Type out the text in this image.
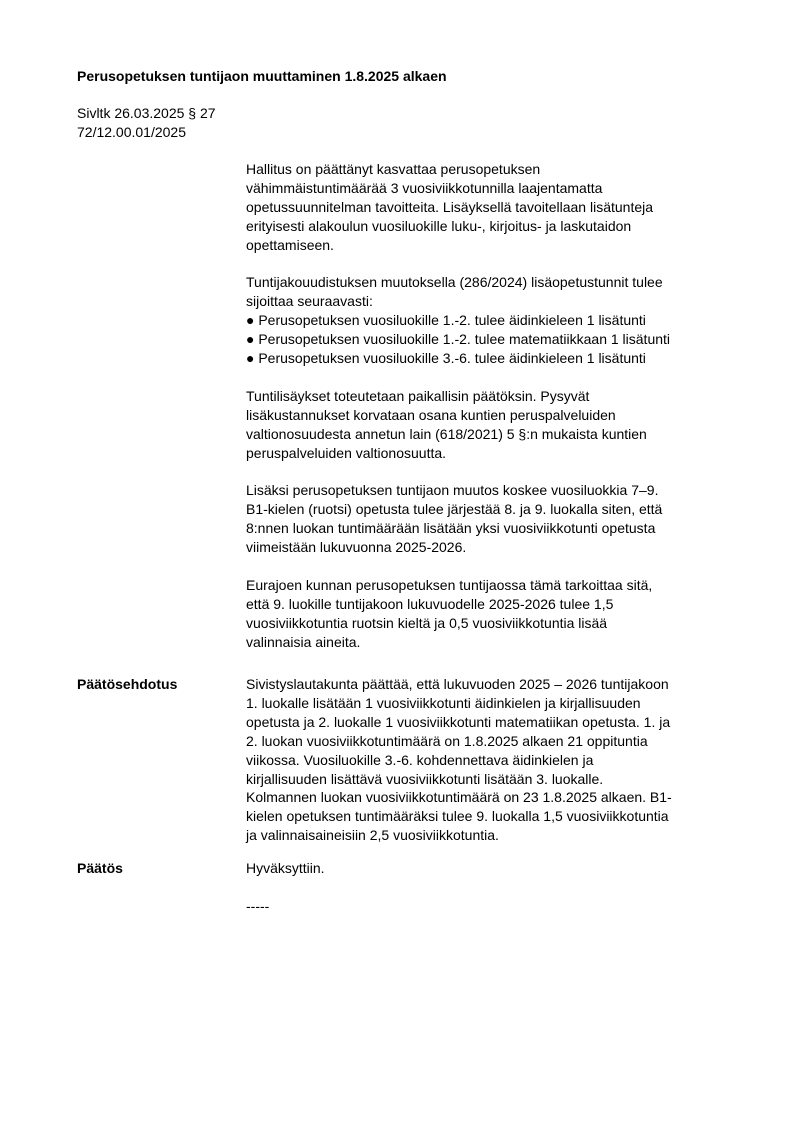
Perusopetuksen tuntijaon muuttaminen 1.8.2025 alkaen
Sivltk 26.03.2025 § 27
72/12.00.01/2025
Hallitus on päättänyt kasvattaa perusopetuksen
vähimmäistuntimäärää 3 vuosiviikkotunnilla laajentamatta
opetussuunnitelman tavoitteita. Lisäyksellä tavoitellaan lisätunteja
erityisesti alakoulun vuosiluokille luku-, kirjoitus- ja laskutaidon
opettamiseen.
Tuntijakouudistuksen muutoksella (286/2024) lisäopetustunnit tulee
sijoittaa seuraavasti:
● Perusopetuksen vuosiluokille 1.-2. tulee äidinkieleen 1 lisätunti
● Perusopetuksen vuosiluokille 1.-2. tulee matematiikkaan 1 lisätunti
● Perusopetuksen vuosiluokille 3.-6. tulee äidinkieleen 1 lisätunti
Tuntilisäykset toteutetaan paikallisin päätöksin. Pysyvät
lisäkustannukset korvataan osana kuntien peruspalveluiden
valtionosuudesta annetun lain (618/2021) 5 §:n mukaista kuntien
peruspalveluiden valtionosuutta.
Lisäksi perusopetuksen tuntijaon muutos koskee vuosiluokkia 7–9.
B1-kielen (ruotsi) opetusta tulee järjestää 8. ja 9. luokalla siten, että
8:nnen luokan tuntimäärään lisätään yksi vuosiviikkotunti opetusta
viimeistään lukuvuonna 2025-2026.
Eurajoen kunnan perusopetuksen tuntijaossa tämä tarkoittaa sitä,
että 9. luokille tuntijakoon lukuvuodelle 2025-2026 tulee 1,5
vuosiviikkotuntia ruotsin kieltä ja 0,5 vuosiviikkotuntia lisää
valinnaisia aineita.
Päätösehdotus	Sivistyslautakunta päättää, että lukuvuoden 2025 – 2026 tuntijakoon
1. luokalle lisätään 1 vuosiviikkotunti äidinkielen ja kirjallisuuden
opetusta ja 2. luokalle 1 vuosiviikkotunti matematiikan opetusta. 1. ja
2. luokan vuosiviikkotuntimäärä on 1.8.2025 alkaen 21 oppituntia
viikossa. Vuosiluokille 3.-6. kohdennettava äidinkielen ja
kirjallisuuden lisättävä vuosiviikkotunti lisätään 3. luokalle.
Kolmannen luokan vuosiviikkotuntimäärä on 23 1.8.2025 alkaen. B1-
kielen opetuksen tuntimääräksi tulee 9. luokalla 1,5 vuosiviikkotuntia
ja valinnaisaineisiin 2,5 vuosiviikkotuntia.
Päätös	Hyväksyttiin.
-----
